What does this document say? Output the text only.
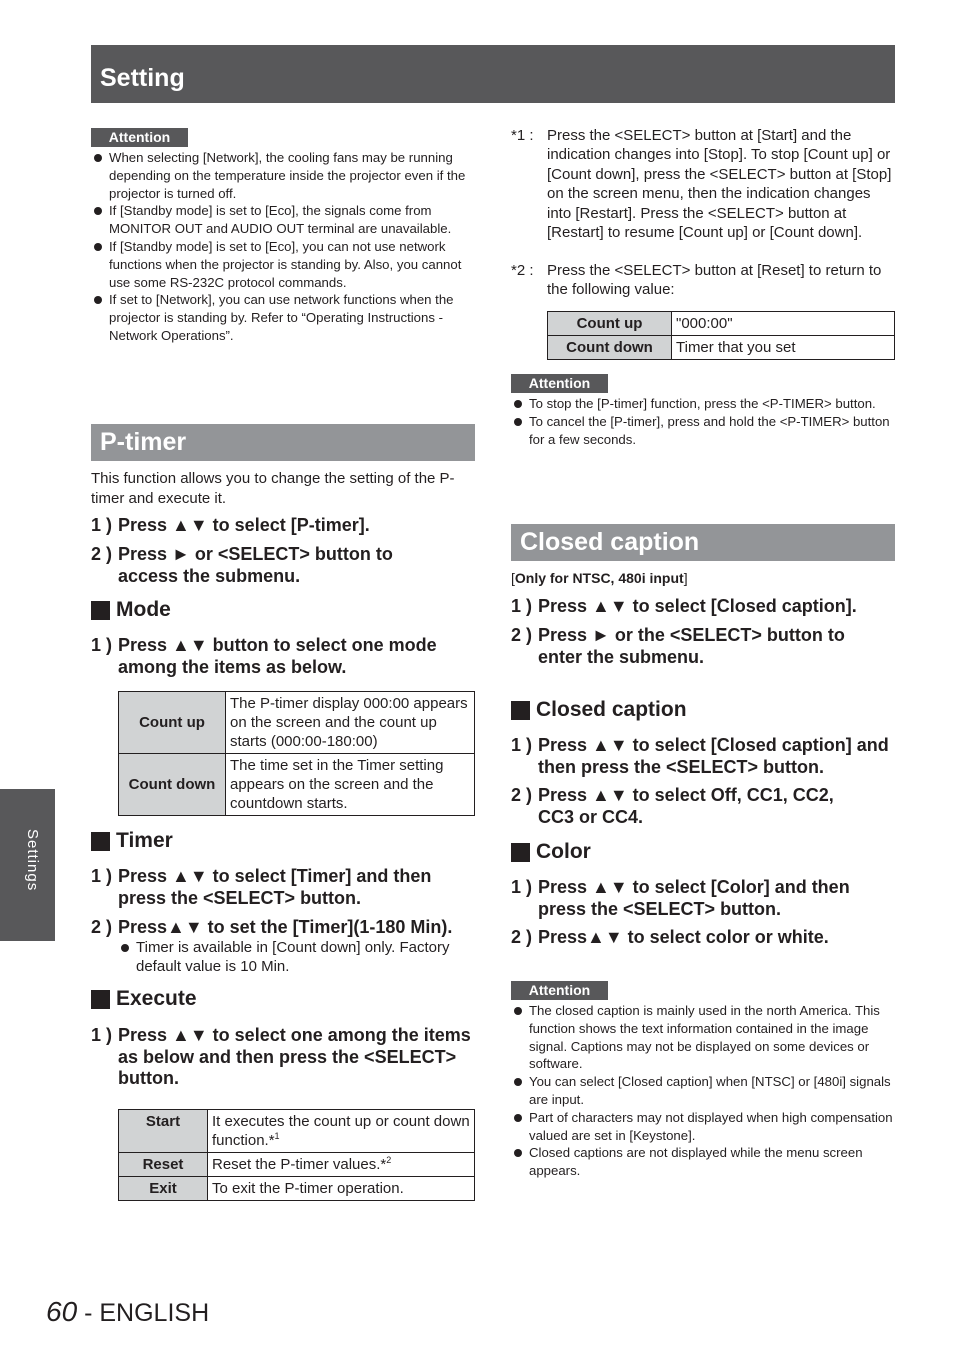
Setting
Settings
Attention
When selecting [Network], the cooling fans may be running depending on the temperature inside the projector even if the projector is turned off.
If [Standby mode] is set to [Eco], the signals come from MONITOR OUT and AUDIO OUT terminal are unavailable.
If [Standby mode] is set to [Eco], you can not use network functions when the projector is standing by. Also, you cannot use some RS-232C protocol commands.
If set to [Network], you can use network functions when the projector is standing by. Refer to “Operating Instructions - Network Operations”.
P-timer
This function allows you to change the setting of the P-timer and execute it.
1 ) Press ▲▼ to select [P-timer].
2 ) Press ► or <SELECT> button to access the submenu.
Mode
1 ) Press ▲▼ button to select one mode among the items as below.
Count up	The P-timer display 000:00 appears on the screen and the count up starts (000:00-180:00)
Count down	The time set in the Timer setting appears on the screen and the countdown starts.
Timer
1 ) Press ▲▼ to select [Timer] and then press the <SELECT> button.
2 ) Press▲▼ to set the [Timer](1-180 Min).
Timer is available in [Count down] only. Factory default value is 10 Min.
Execute
1 ) Press ▲▼ to select one among the items as below and then press the <SELECT> button.
Start	It executes the count up or count down function.*$^1$
Reset	Reset the P-timer values.*$^2$
Exit	To exit the P-timer operation.
*1 : Press the <SELECT> button at [Start] and the indication changes into [Stop]. To stop [Count up] or [Count down], press the <SELECT> button at [Stop] on the screen menu, then the indication changes into [Restart]. Press the <SELECT> button at [Restart] to resume [Count up] or [Count down].
*2 : Press the <SELECT> button at [Reset] to return to the following value:
Count up	"000:00"
Count down	Timer that you set
Attention
To stop the [P-timer] function, press the <P-TIMER> button.
To cancel the [P-timer], press and hold the <P-TIMER> button for a few seconds.
Closed caption
[Only for NTSC, 480i input]
1 ) Press ▲▼ to select [Closed caption].
2 ) Press ► or the <SELECT> button to enter the submenu.
Closed caption
1 ) Press ▲▼ to select [Closed caption] and then press the <SELECT> button.
2 ) Press ▲▼ to select Off, CC1, CC2, CC3 or CC4.
Color
1 ) Press ▲▼ to select [Color] and then press the <SELECT> button.
2 ) Press▲▼ to select color or white.
Attention
The closed caption is mainly used in the north America. This function shows the text information contained in the image signal. Captions may not be displayed on some devices or software.
You can select [Closed caption] when [NTSC] or [480i] signals are input.
Part of characters may not displayed when high compensation valued are set in [Keystone].
Closed captions are not displayed while the menu screen appears.
60 - ENGLISH
